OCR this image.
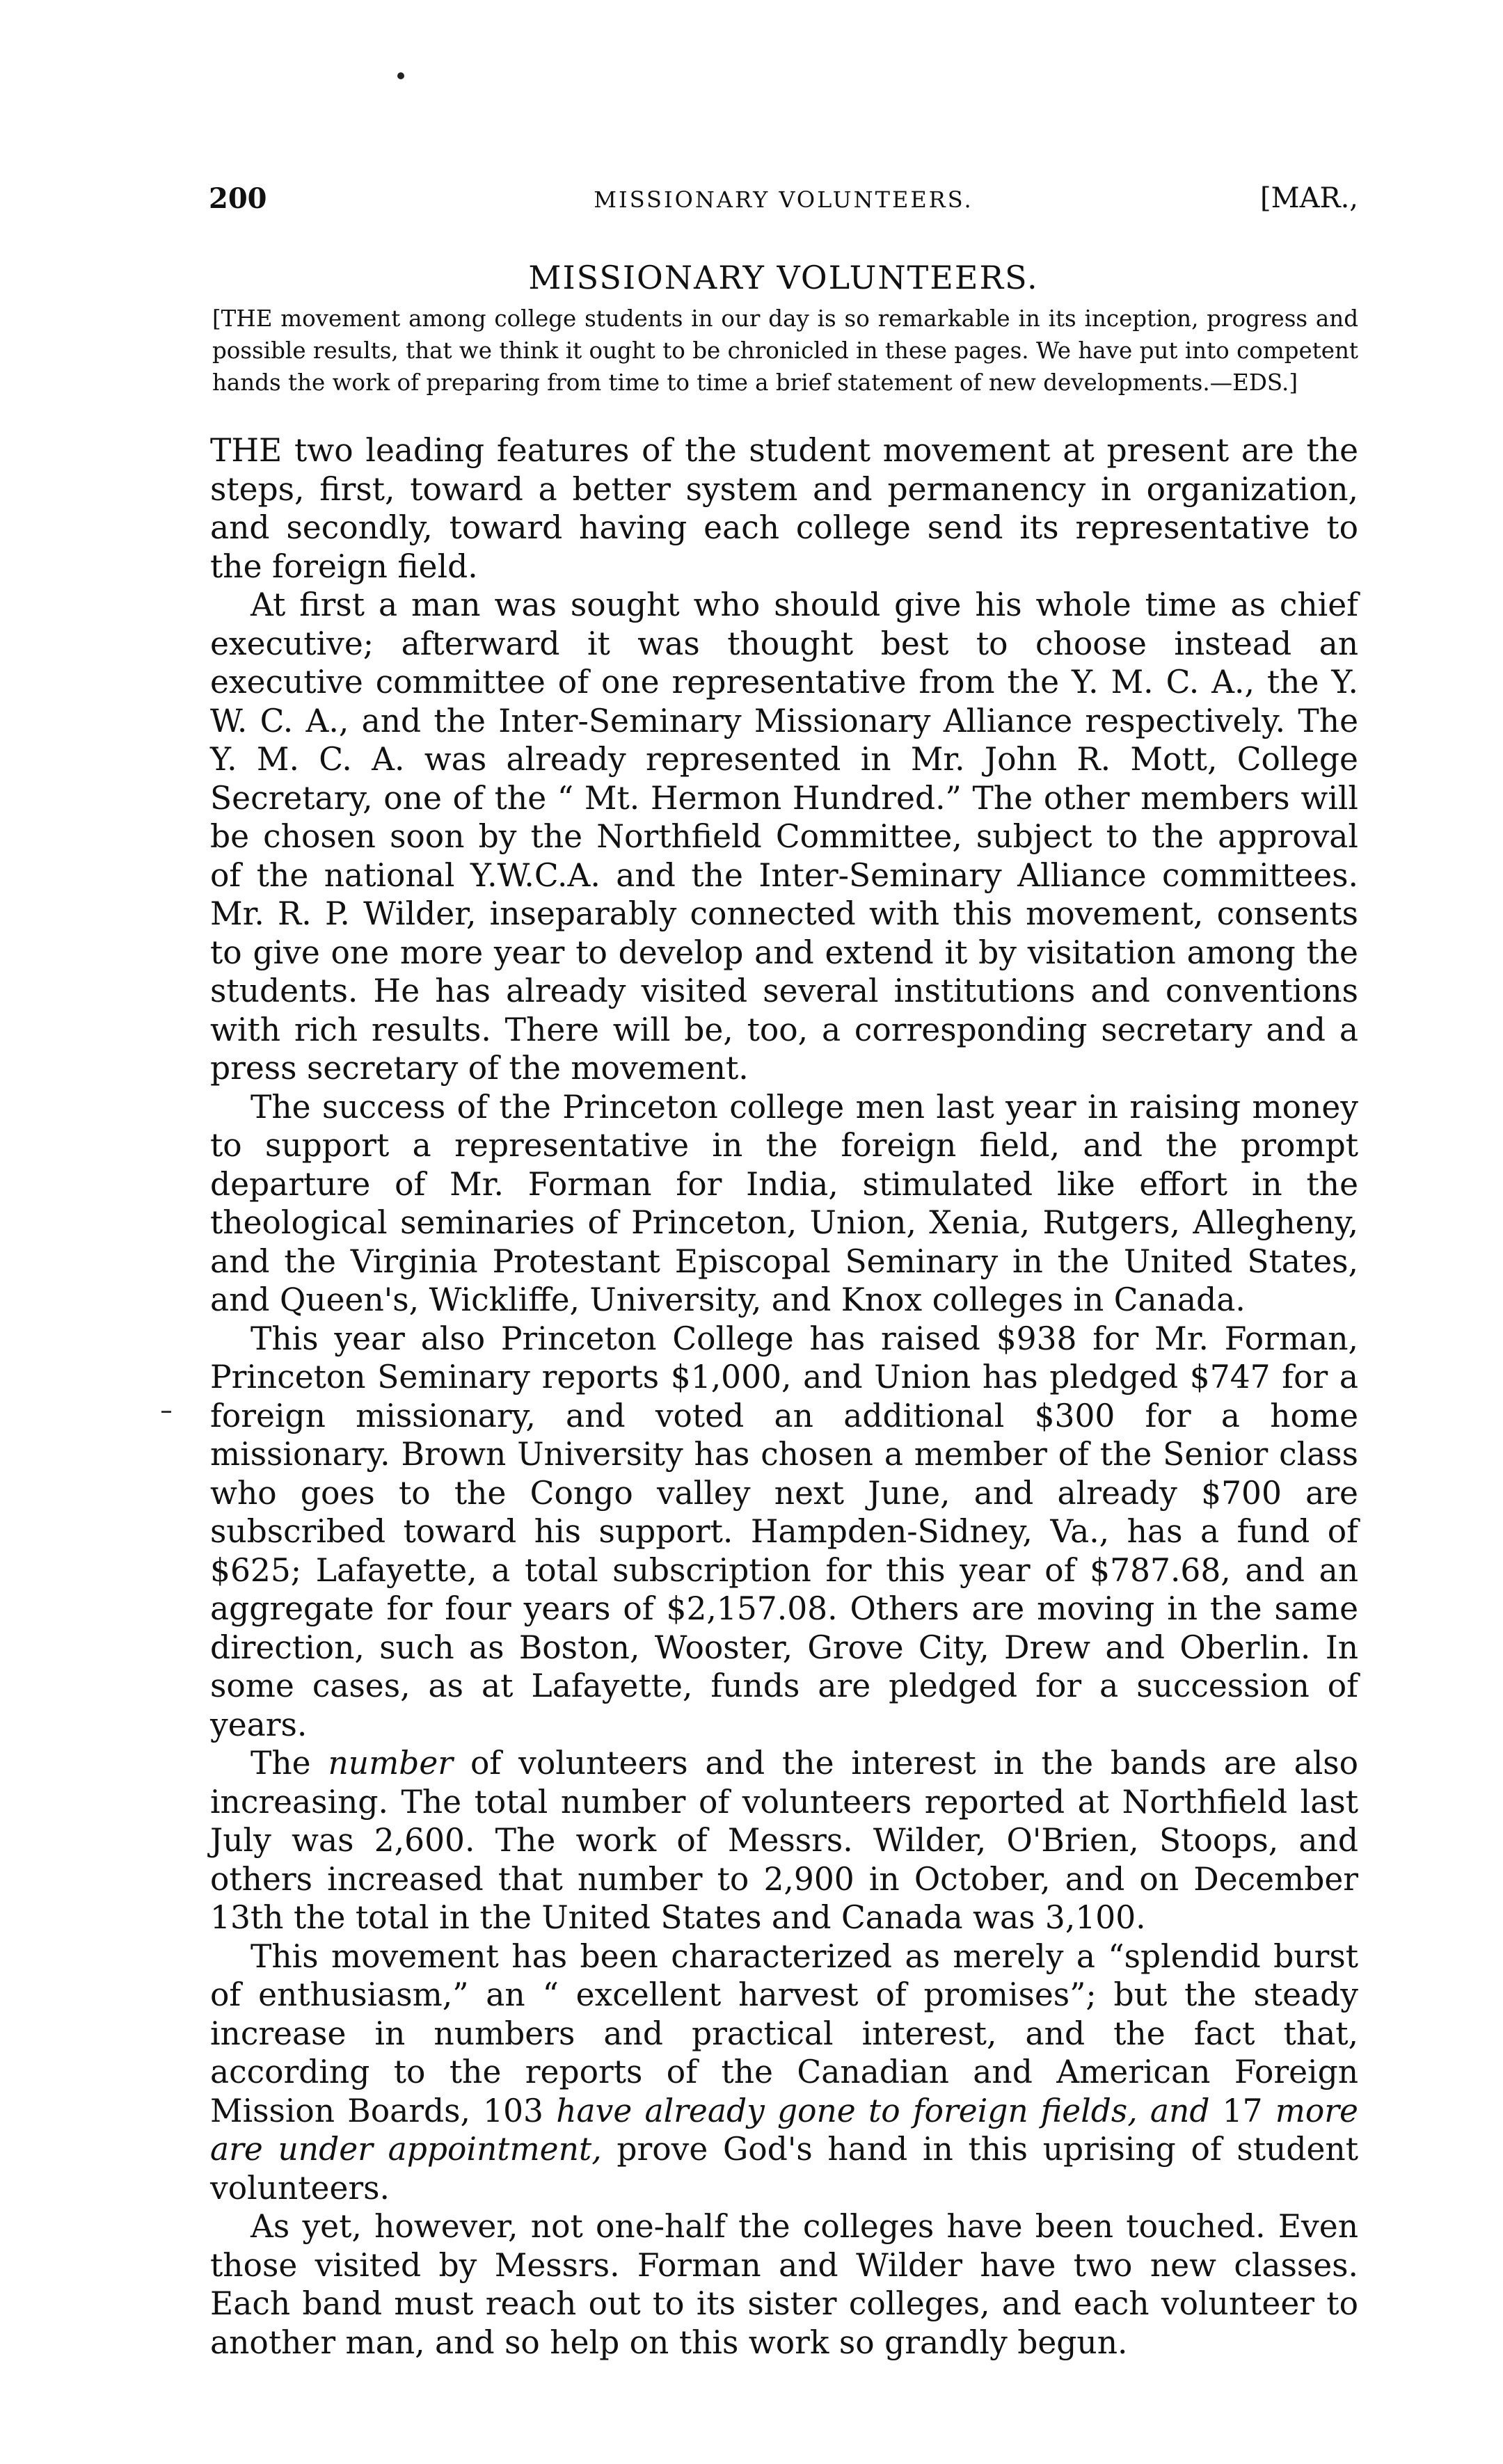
200	MISSIONARY VOLUNTEERS.	[MAR.,
MISSIONARY VOLUNTEERS.
[THE movement among college students in our day is so remarkable in its inception, progress and possible results, that we think it ought to be chronicled in these pages. We have put into competent hands the work of preparing from time to time a brief statement of new developments.—EDS.]

THE two leading features of the student movement at present are the steps, first, toward a better system and permanency in organization, and secondly, toward having each college send its representative to the foreign field.

At first a man was sought who should give his whole time as chief executive; afterward it was thought best to choose instead an executive committee of one representative from the Y. M. C. A., the Y. W. C. A., and the Inter-Seminary Missionary Alliance respectively. The Y. M. C. A. was already represented in Mr. John R. Mott, College Secretary, one of the “ Mt. Hermon Hundred.” The other members will be chosen soon by the Northfield Committee, subject to the approval of the national Y.W.C.A. and the Inter-Seminary Alliance committees. Mr. R. P. Wilder, inseparably connected with this movement, consents to give one more year to develop and extend it by visitation among the students. He has already visited several institutions and conventions with rich results. There will be, too, a corresponding secretary and a press secretary of the movement.

The success of the Princeton college men last year in raising money to support a representative in the foreign field, and the prompt departure of Mr. Forman for India, stimulated like effort in the theological seminaries of Princeton, Union, Xenia, Rutgers, Allegheny, and the Virginia Protestant Episcopal Seminary in the United States, and Queen's, Wickliffe, University, and Knox colleges in Canada.

This year also Princeton College has raised $938 for Mr. Forman, Princeton Seminary reports $1,000, and Union has pledged $747 for a foreign missionary, and voted an additional $300 for a home missionary. Brown University has chosen a member of the Senior class who goes to the Congo valley next June, and already $700 are subscribed toward his support. Hampden-Sidney, Va., has a fund of $625; Lafayette, a total subscription for this year of $787.68, and an aggregate for four years of $2,157.08. Others are moving in the same direction, such as Boston, Wooster, Grove City, Drew and Oberlin. In some cases, as at Lafayette, funds are pledged for a succession of years.

The number of volunteers and the interest in the bands are also increasing. The total number of volunteers reported at Northfield last July was 2,600. The work of Messrs. Wilder, O'Brien, Stoops, and others increased that number to 2,900 in October, and on December 13th the total in the United States and Canada was 3,100.

This movement has been characterized as merely a “splendid burst of enthusiasm,” an “ excellent harvest of promises”; but the steady increase in numbers and practical interest, and the fact that, according to the reports of the Canadian and American Foreign Mission Boards, 103 have already gone to foreign fields, and 17 more are under appointment, prove God's hand in this uprising of student volunteers.

As yet, however, not one-half the colleges have been touched. Even those visited by Messrs. Forman and Wilder have two new classes. Each band must reach out to its sister colleges, and each volunteer to another man, and so help on this work so grandly begun.
